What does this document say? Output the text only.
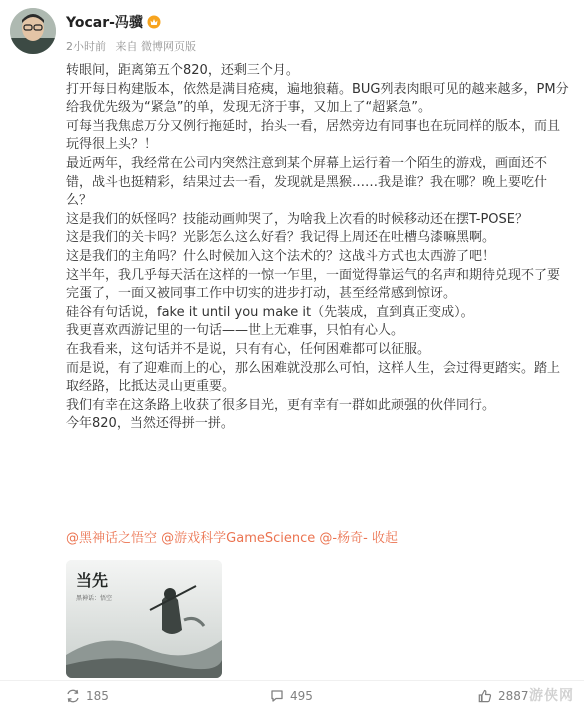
Yocar-冯骥
2小时前 来自 微博网页版

转眼间，距离第五个820，还剩三个月。

打开每日构建版本，依然是满目疮痍，遍地狼藉。BUG列表肉眼可见的越来越多，PM分给我优先级为“紧急”的单，发现无济于事，又加上了“超紧急”。

可每当我焦虑万分又例行拖延时，抬头一看，居然旁边有同事也在玩同样的版本，而且玩得很上头？！

最近两年，我经常在公司内突然注意到某个屏幕上运行着一个陌生的游戏，画面还不错，战斗也挺精彩，结果过去一看，发现就是黑猴……我是谁？我在哪？晚上要吃什么？

这是我们的妖怪吗？技能动画帅哭了，为啥我上次看的时候移动还在摆T-POSE？

这是我们的关卡吗？光影怎么这么好看？我记得上周还在吐槽乌漆嘛黑啊。

这是我们的主角吗？什么时候加入这个法术的？这战斗方式也太西游了吧！

这半年，我几乎每天活在这样的一惊一乍里，一面觉得靠运气的名声和期待兑现不了要完蛋了，一面又被同事工作中切实的进步打动，甚至经常感到惊讶。

硅谷有句话说，fake it until you make it（先装成，直到真正变成）。

我更喜欢西游记里的一句话——世上无难事，只怕有心人。

在我看来，这句话并不是说，只有有心，任何困难都可以征服。

而是说，有了迎难而上的心，那么困难就没那么可怕，这样人生，会过得更踏实。踏上取经路，比抵达灵山更重要。

我们有幸在这条路上收获了很多目光，更有幸有一群如此顽强的伙伴同行。

今年820，当然还得拼一拼。

@黑神话之悟空 @游戏科学GameScience @-杨奇- 收起
当先
黑神话：悟空
185	495	2887 游侠网
